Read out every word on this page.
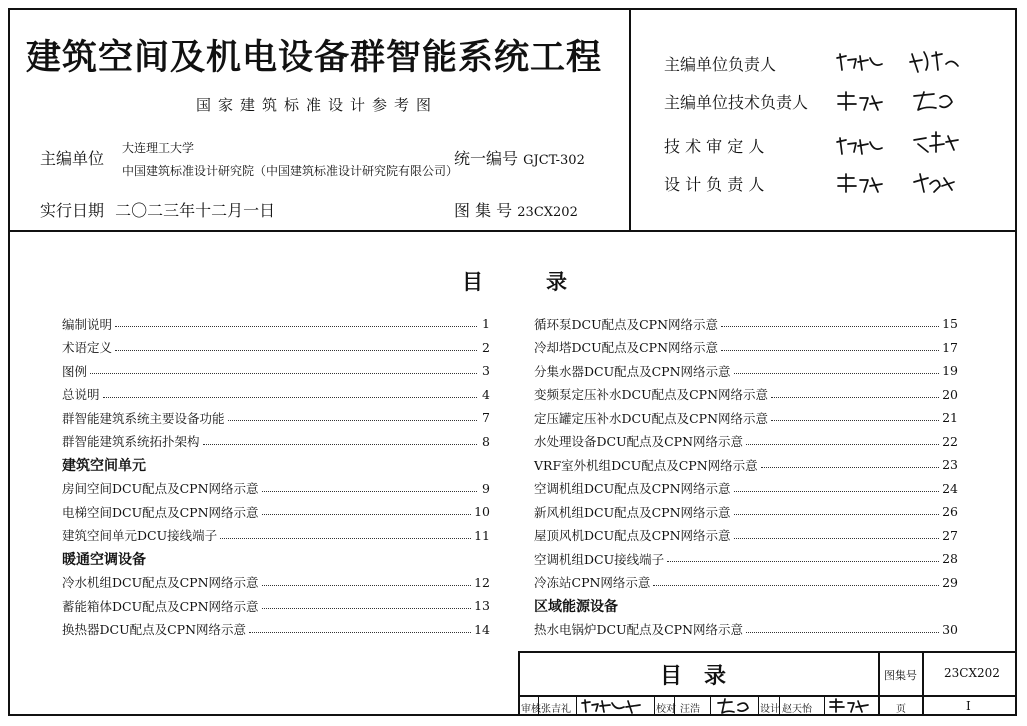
建筑空间及机电设备群智能系统工程
国家建筑标准设计参考图
主编单位
大连理工大学
中国建筑标准设计研究院（中国建筑标准设计研究院有限公司）
统一编号 GJCT-302
实行日期 二〇二三年十二月一日	图 集 号 23CX202
主编单位负责人
主编单位技术负责人
技 术 审 定 人
设 计 负 责 人
目	录
编制说明	1
术语定义	2
图例	3
总说明	4
群智能建筑系统主要设备功能	7
群智能建筑系统拓扑架构	8
建筑空间单元
房间空间DCU配点及CPN网络示意	9
电梯空间DCU配点及CPN网络示意	10
建筑空间单元DCU接线端子	11
暖通空调设备
冷水机组DCU配点及CPN网络示意	12
蓄能箱体DCU配点及CPN网络示意	13
换热器DCU配点及CPN网络示意	14
循环泵DCU配点及CPN网络示意	15
冷却塔DCU配点及CPN网络示意	17
分集水器DCU配点及CPN网络示意	19
变频泵定压补水DCU配点及CPN网络示意	20
定压罐定压补水DCU配点及CPN网络示意	21
水处理设备DCU配点及CPN网络示意	22
VRF室外机组DCU配点及CPN网络示意	23
空调机组DCU配点及CPN网络示意	24
新风机组DCU配点及CPN网络示意	26
屋顶风机DCU配点及CPN网络示意	27
空调机组DCU接线端子	28
冷冻站CPN网络示意	29
区域能源设备
热水电锅炉DCU配点及CPN网络示意	30
目录	图集号 23CX202
审核 张吉礼	校对 汪浩	设计 赵天怡	页	I
